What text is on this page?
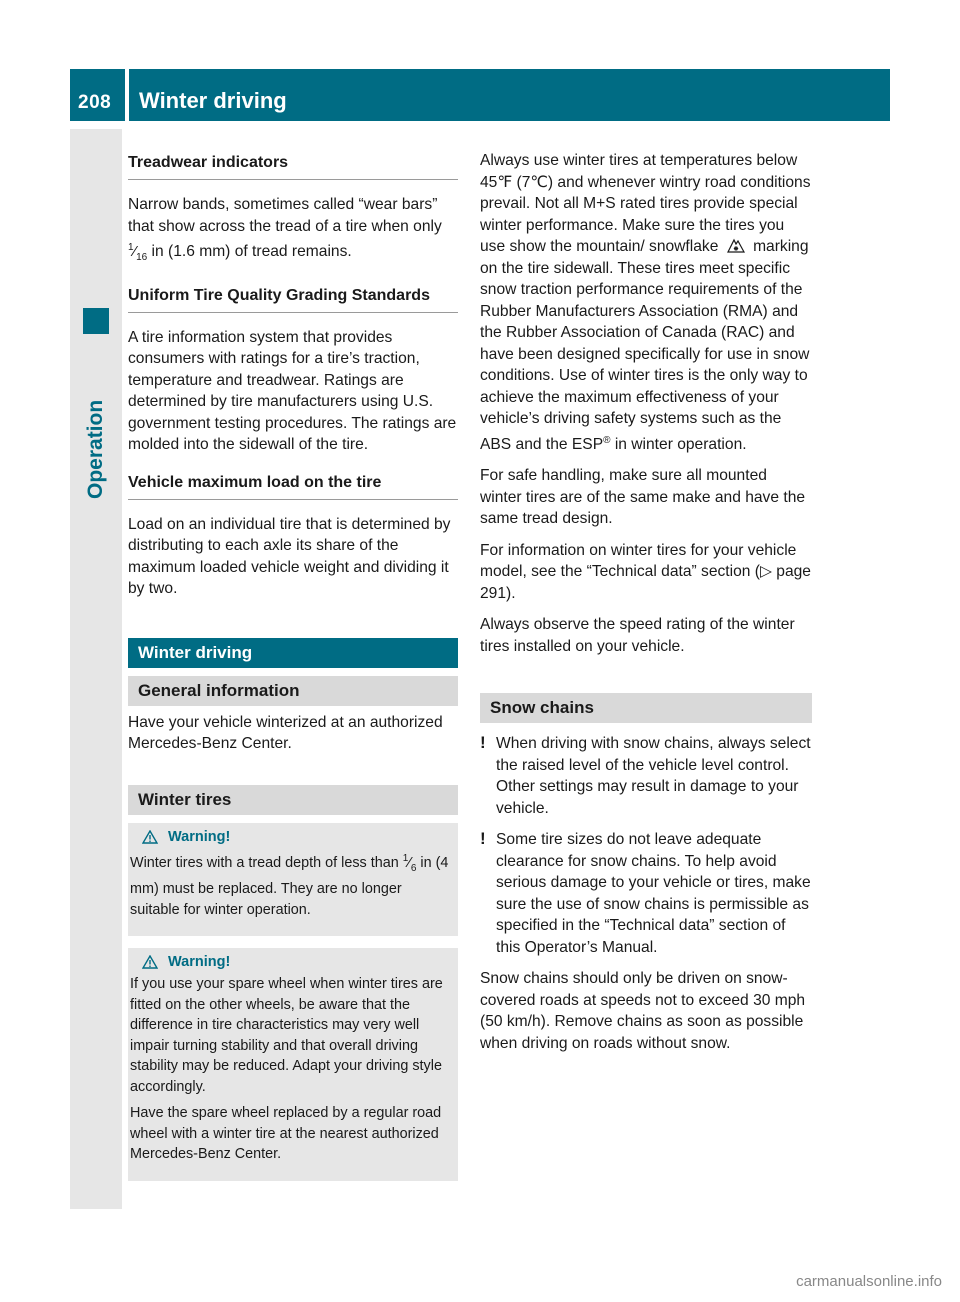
208	Winter driving
Treadwear indicators

Narrow bands, sometimes called “wear bars” that show across the tread of a tire when only $^1⁄_{16}$ in (1.6 mm) of tread remains.

Uniform Tire Quality Grading Standards

A tire information system that provides consumers with ratings for a tire’s traction, temperature and treadwear. Ratings are determined by tire manufacturers using U.S. government testing procedures. The ratings are molded into the sidewall of the tire.

Vehicle maximum load on the tire

Load on an individual tire that is determined by distributing to each axle its share of the maximum loaded vehicle weight and dividing it by two.

Winter driving
General information

Have your vehicle winterized at an authorized Mercedes-Benz Center.

Winter tires
Warning!

Winter tires with a tread depth of less than $^1⁄_6$ in (4 mm) must be replaced. They are no longer suitable for winter operation.

Warning!

If you use your spare wheel when winter tires are fitted on the other wheels, be aware that the difference in tire characteristics may very well impair turning stability and that overall driving stability may be reduced. Adapt your driving style accordingly.

Have the spare wheel replaced by a regular road wheel with a winter tire at the nearest authorized Mercedes-Benz Center.

Always use winter tires at temperatures below 45℉ (7℃) and whenever wintry road conditions prevail. Not all M+S rated tires provide special winter performance. Make sure the tires you use show the mountain/ snowflake  marking on the tire sidewall. These tires meet specific snow traction performance requirements of the Rubber Manufacturers Association (RMA) and the Rubber Association of Canada (RAC) and have been designed specifically for use in snow conditions. Use of winter tires is the only way to achieve the maximum effectiveness of your vehicle’s driving safety systems such as the ABS and the ESP® in winter operation.

For safe handling, make sure all mounted winter tires are of the same make and have the same tread design.

For information on winter tires for your vehicle model, see the “Technical data” section (▷ page 291).

Always observe the speed rating of the winter tires installed on your vehicle.

Snow chains
! When driving with snow chains, always select the raised level of the vehicle level control. Other settings may result in damage to your vehicle.
! Some tire sizes do not leave adequate clearance for snow chains. To help avoid serious damage to your vehicle or tires, make sure the use of snow chains is permissible as specified in the “Technical data” section of this Operator’s Manual.

Snow chains should only be driven on snow-covered roads at speeds not to exceed 30 mph (50 km/h). Remove chains as soon as possible when driving on roads without snow.

carmanualsonline.info
